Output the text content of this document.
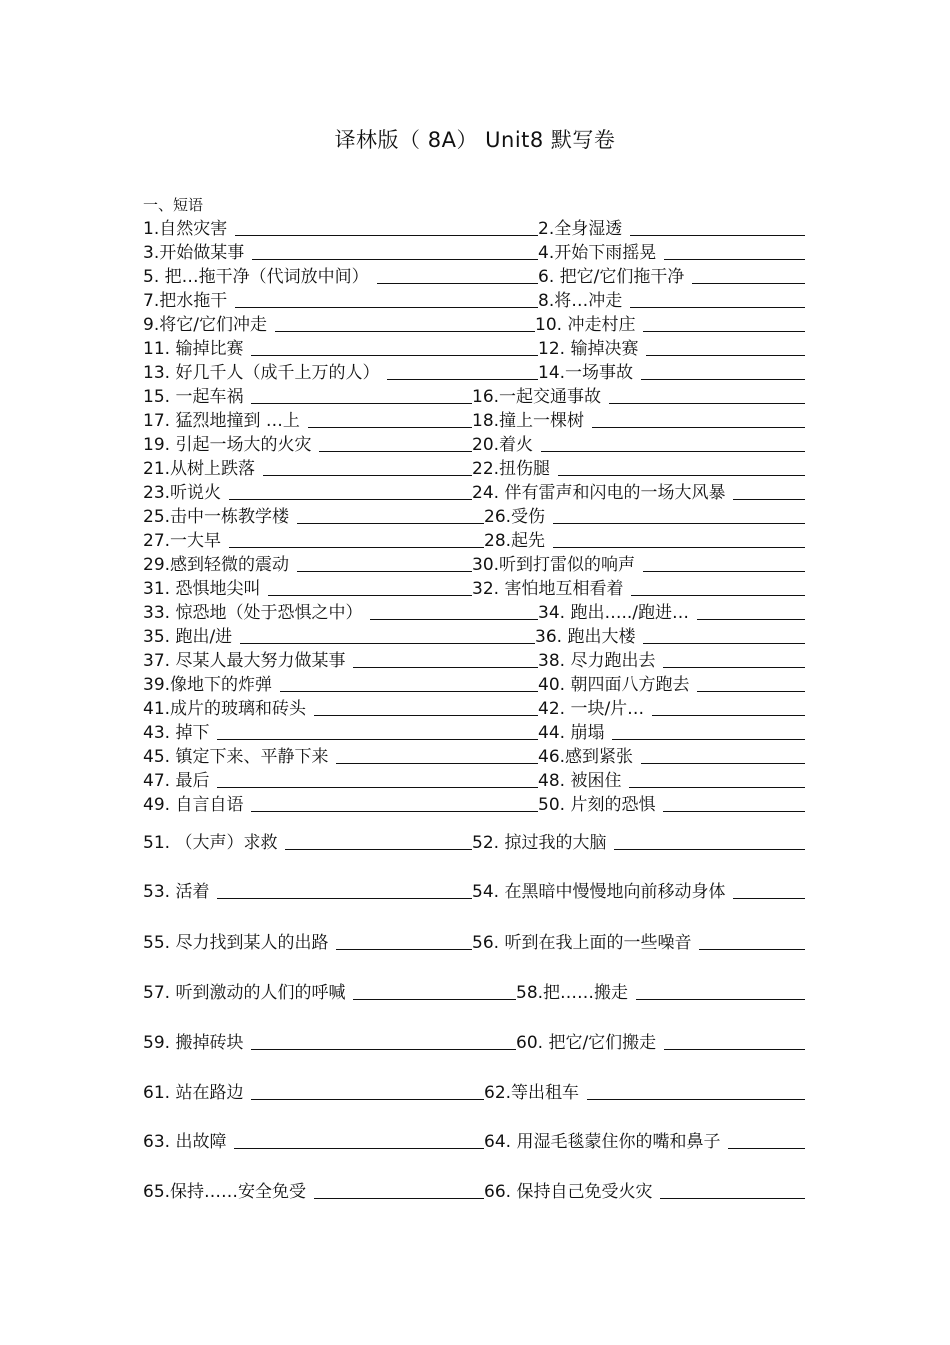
译林版（ 8A） Unit8 默写卷
一、短语
1.自然灾害	2.全身湿透
3.开始做某事	4.开始下雨摇晃
5. 把…拖干净（代词放中间）	6. 把它/它们拖干净
7.把水拖干	8.将…冲走
9.将它/它们冲走	10. 冲走村庄
11. 输掉比赛	12. 输掉决赛
13. 好几千人（成千上万的人）	14.一场事故
15. 一起车祸	16.一起交通事故
17. 猛烈地撞到 …上	18.撞上一棵树
19. 引起一场大的火灾	20.着火
21.从树上跌落	22.扭伤腿
23.听说火	24. 伴有雷声和闪电的一场大风暴
25.击中一栋教学楼	26.受伤
27.一大早	28.起先
29.感到轻微的震动	30.听到打雷似的响声
31. 恐惧地尖叫	32. 害怕地互相看着
33. 惊恐地（处于恐惧之中）	34. 跑出…../跑进…
35. 跑出/进	36. 跑出大楼
37. 尽某人最大努力做某事	38. 尽力跑出去
39.像地下的炸弹	40. 朝四面八方跑去
41.成片的玻璃和砖头	42. 一块/片…
43. 掉下	44. 崩塌
45. 镇定下来、平静下来	46.感到紧张
47. 最后	48. 被困住
49. 自言自语	50. 片刻的恐惧
51. （大声）求救	52. 掠过我的大脑
53. 活着	54. 在黑暗中慢慢地向前移动身体
55. 尽力找到某人的出路	56. 听到在我上面的一些噪音
57. 听到激动的人们的呼喊	58.把……搬走
59. 搬掉砖块	60. 把它/它们搬走
61. 站在路边	62.等出租车
63. 出故障	64. 用湿毛毯蒙住你的嘴和鼻子
65.保持……安全免受	66. 保持自己免受火灾
